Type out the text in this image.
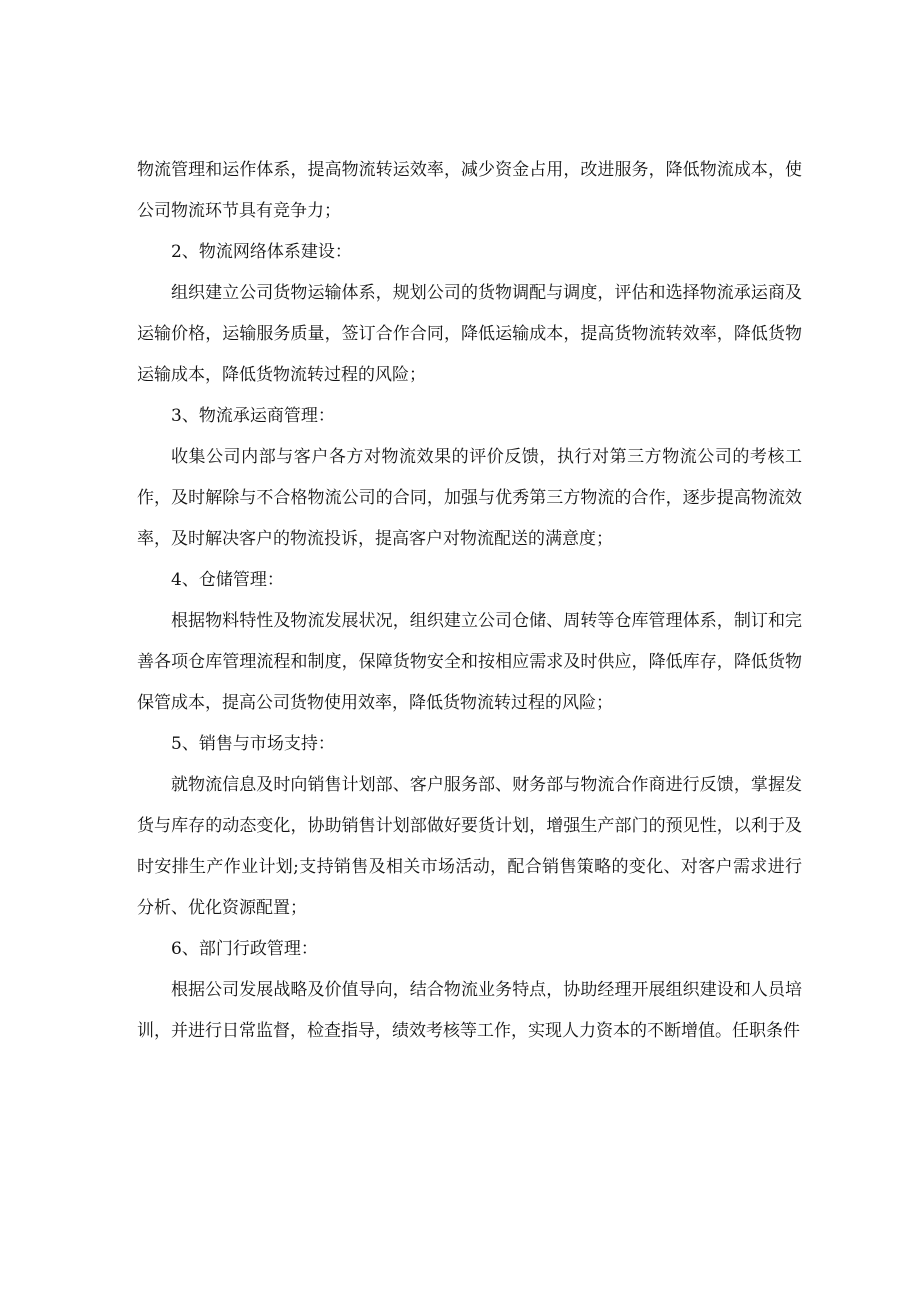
物流管理和运作体系，提高物流转运效率，减少资金占用，改进服务，降低物流成本，使公司物流环节具有竞争力；

2、物流网络体系建设：

组织建立公司货物运输体系，规划公司的货物调配与调度，评估和选择物流承运商及运输价格，运输服务质量，签订合作合同，降低运输成本，提高货物流转效率，降低货物运输成本，降低货物流转过程的风险；

3、物流承运商管理：

收集公司内部与客户各方对物流效果的评价反馈，执行对第三方物流公司的考核工作，及时解除与不合格物流公司的合同，加强与优秀第三方物流的合作，逐步提高物流效率，及时解决客户的物流投诉，提高客户对物流配送的满意度；

4、仓储管理：

根据物料特性及物流发展状况，组织建立公司仓储、周转等仓库管理体系，制订和完善各项仓库管理流程和制度，保障货物安全和按相应需求及时供应，降低库存，降低货物保管成本，提高公司货物使用效率，降低货物流转过程的风险；

5、销售与市场支持：

就物流信息及时向销售计划部、客户服务部、财务部与物流合作商进行反馈，掌握发货与库存的动态变化，协助销售计划部做好要货计划，增强生产部门的预见性，以利于及时安排生产作业计划;支持销售及相关市场活动，配合销售策略的变化、对客户需求进行分析、优化资源配置；

6、部门行政管理：

根据公司发展战略及价值导向，结合物流业务特点，协助经理开展组织建设和人员培训，并进行日常监督，检查指导，绩效考核等工作，实现人力资本的不断增值。任职条件
